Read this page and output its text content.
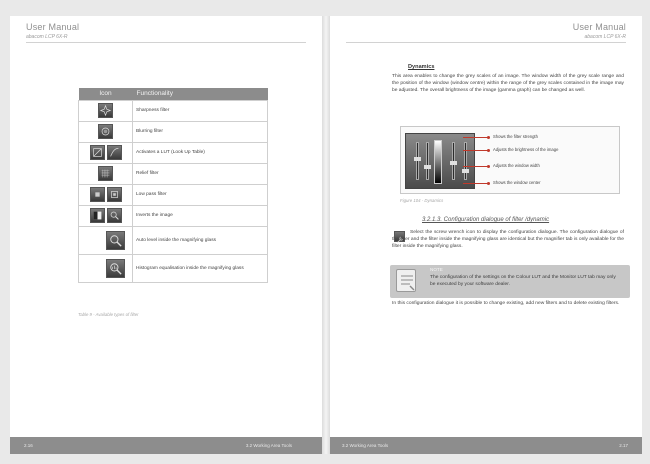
User Manual
abacom LCP 6X-R
Icon	Functionality

	Sharpness filter

	Blurring filter

	Activates a LUT (Look Up Table)

	Relief filter

	Low pass filter

	Inverts the image

	Auto level inside the magnifying glass

	Histogram equalisation inside the magnifying glass
Table 9 - Available types of filter
2.16	3.2 Working Area Tools
User Manual
abacom LCP 6X-R
Dynamics
This area enables to change the grey scales of an image. The window width of the grey scale range and the position of the window (window centre) within the range of the grey scales contained in the image may be adjusted. The overall brightness of the image (gamma graph) can be changed as well.
Shows the filter strength
Adjusts the brightness of the image
Adjusts the window width
Shows the window center
Figure 104 - Dynamics
3.2.1.3. Configuration dialogue of filter /dynamic
Select the screw wrench icon to display the configuration dialogue. The configuration dialogue of the filter and the filter inside the magnifying glass are identical but the magnifier tab is only available for the filter inside the magnifying glass.
NOTE
The configuration of the settings on the Colour LUT and the Monitor LUT tab may only be executed by your software dealer.
In this configuration dialogue it is possible to change existing, add new filters and to delete existing filters.
3.2 Working Area Tools	2.17
